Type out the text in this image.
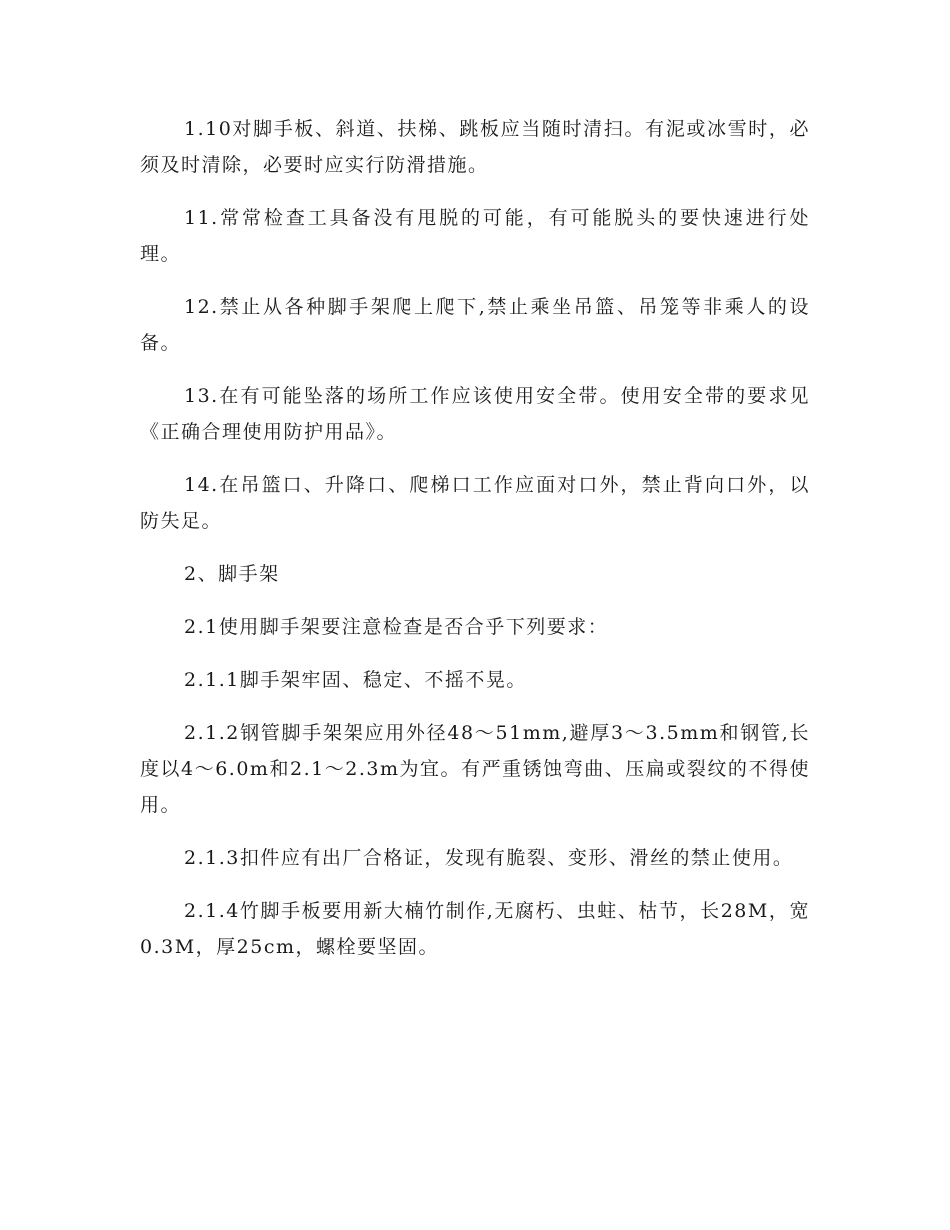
1.10对脚手板、斜道、扶梯、跳板应当随时清扫。有泥或冰雪时，必须及时清除，必要时应实行防滑措施。

11.常常检查工具备没有甩脱的可能，有可能脱头的要快速进行处理。

12.禁止从各种脚手架爬上爬下,禁止乘坐吊篮、吊笼等非乘人的设备。

13.在有可能坠落的场所工作应该使用安全带。使用安全带的要求见《正确合理使用防护用品》。

14.在吊篮口、升降口、爬梯口工作应面对口外，禁止背向口外，以防失足。

2、脚手架

2.1使用脚手架要注意检查是否合乎下列要求：

2.1.1脚手架牢固、稳定、不摇不晃。

2.1.2钢管脚手架架应用外径48～51mm,避厚3～3.5mm和钢管,长度以4～6.0m和2.1～2.3m为宜。有严重锈蚀弯曲、压扁或裂纹的不得使用。

2.1.3扣件应有出厂合格证，发现有脆裂、变形、滑丝的禁止使用。

2.1.4竹脚手板要用新大楠竹制作,无腐朽、虫蛀、枯节，长28M，宽0.3M，厚25cm，螺栓要坚固。
